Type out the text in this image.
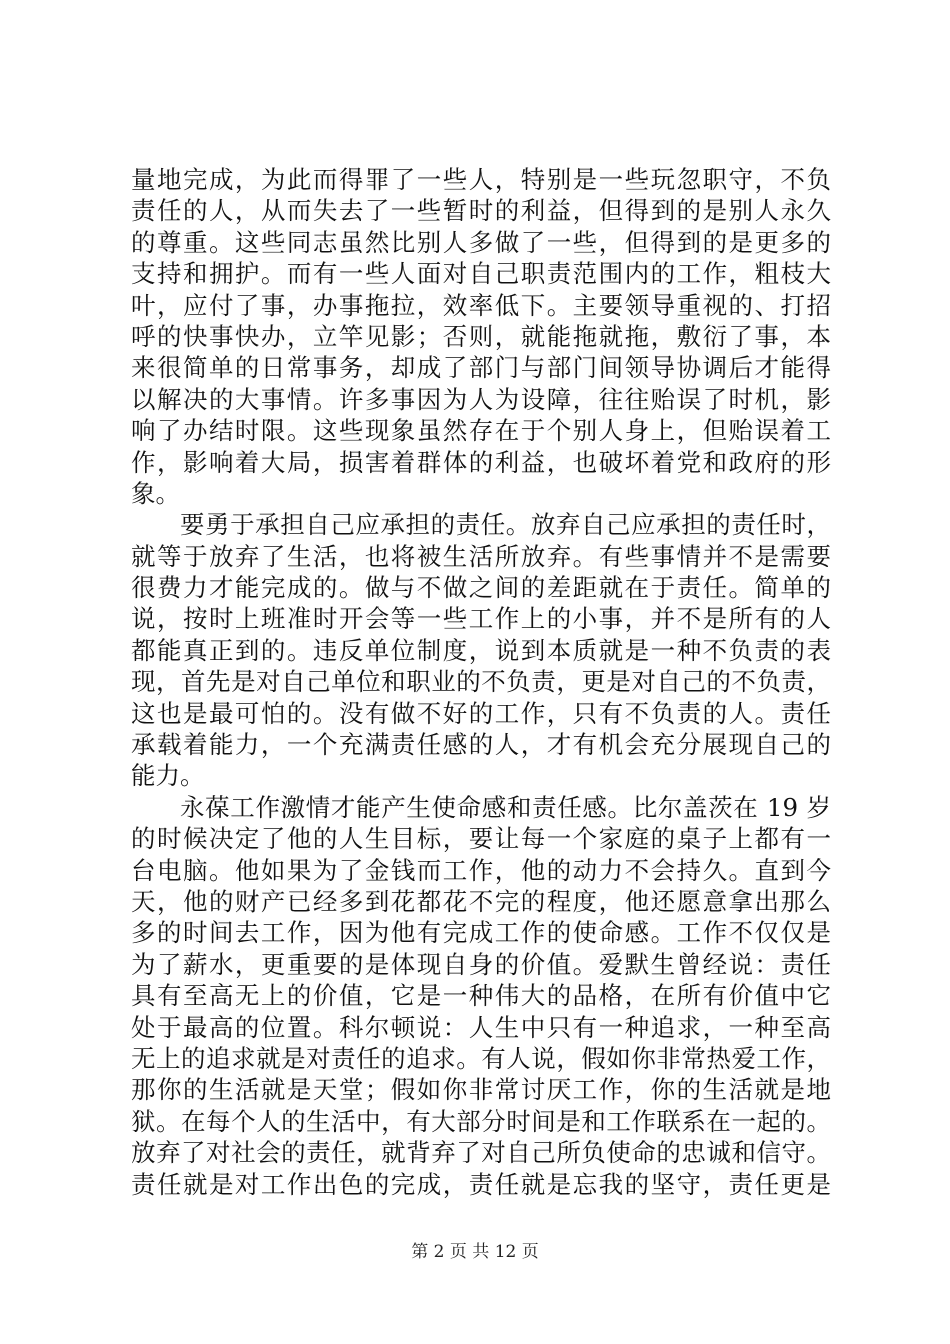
量地完成，为此而得罪了一些人，特别是一些玩忽职守，不负
责任的人，从而失去了一些暂时的利益，但得到的是别人永久
的尊重。这些同志虽然比别人多做了一些，但得到的是更多的
支持和拥护。而有一些人面对自己职责范围内的工作，粗枝大
叶，应付了事，办事拖拉，效率低下。主要领导重视的、打招
呼的快事快办，立竿见影；否则，就能拖就拖，敷衍了事，本
来很简单的日常事务，却成了部门与部门间领导协调后才能得
以解决的大事情。许多事因为人为设障，往往贻误了时机，影
响了办结时限。这些现象虽然存在于个别人身上，但贻误着工
作，影响着大局，损害着群体的利益，也破坏着党和政府的形
象。
要勇于承担自己应承担的责任。放弃自己应承担的责任时，
就等于放弃了生活，也将被生活所放弃。有些事情并不是需要
很费力才能完成的。做与不做之间的差距就在于责任。简单的
说，按时上班准时开会等一些工作上的小事，并不是所有的人
都能真正到的。违反单位制度，说到本质就是一种不负责的表
现，首先是对自己单位和职业的不负责，更是对自己的不负责，
这也是最可怕的。没有做不好的工作，只有不负责的人。责任
承载着能力，一个充满责任感的人，才有机会充分展现自己的
能力。
永葆工作激情才能产生使命感和责任感。比尔盖茨在 19 岁
的时候决定了他的人生目标，要让每一个家庭的桌子上都有一
台电脑。他如果为了金钱而工作，他的动力不会持久。直到今
天，他的财产已经多到花都花不完的程度，他还愿意拿出那么
多的时间去工作，因为他有完成工作的使命感。工作不仅仅是
为了薪水，更重要的是体现自身的价值。爱默生曾经说：责任
具有至高无上的价值，它是一种伟大的品格，在所有价值中它
处于最高的位置。科尔顿说：人生中只有一种追求，一种至高
无上的追求就是对责任的追求。有人说，假如你非常热爱工作，
那你的生活就是天堂；假如你非常讨厌工作，你的生活就是地
狱。在每个人的生活中，有大部分时间是和工作联系在一起的。
放弃了对社会的责任，就背弃了对自己所负使命的忠诚和信守。
责任就是对工作出色的完成，责任就是忘我的坚守，责任更是
第 2 页 共 12 页
